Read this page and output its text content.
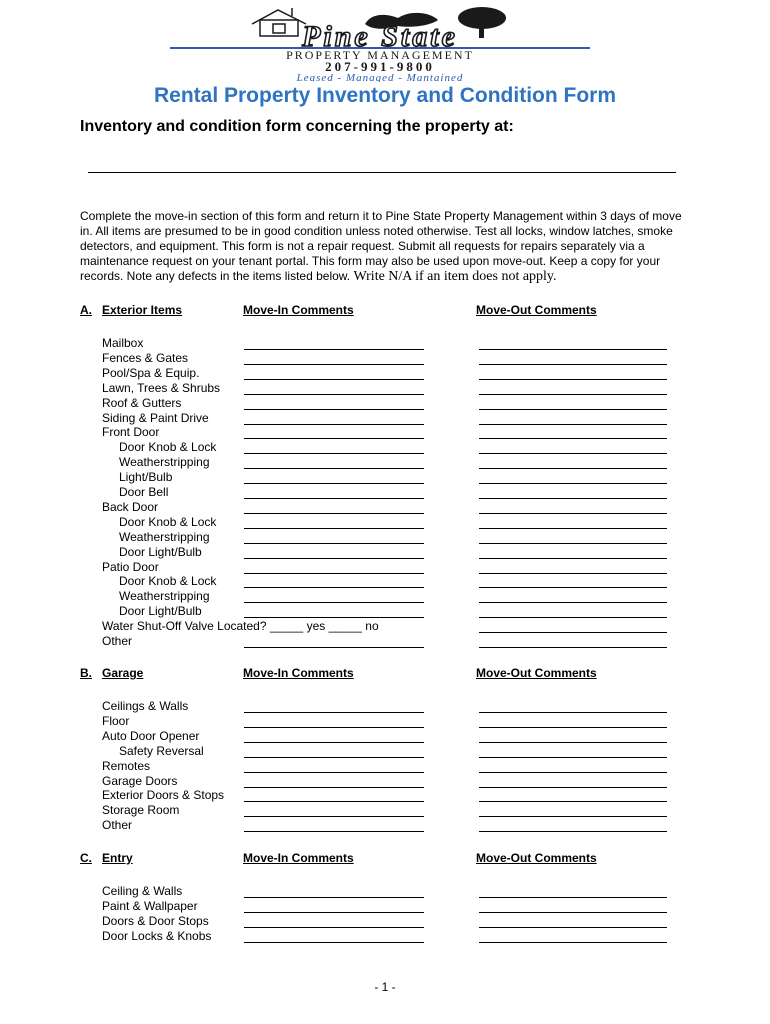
Pine State
PROPERTY MANAGEMENT
207-991-9800
Leased - Managed - Mantained
Rental Property Inventory and Condition Form
Inventory and condition form concerning the property at:
Complete the move-in section of this form and return it to Pine State Property Management within 3 days of move in. All items are presumed to be in good condition unless noted otherwise. Test all locks, window latches, smoke detectors, and equipment. This form is not a repair request. Submit all requests for repairs separately via a maintenance request on your tenant portal. This form may also be used upon move-out. Keep a copy for your records. Note any defects in the items listed below. Write N/A if an item does not apply.
A. Exterior Items	Move-In Comments	Move-Out Comments
Mailbox
Fences & Gates
Pool/Spa & Equip.
Lawn, Trees & Shrubs
Roof & Gutters
Siding & Paint Drive
Front Door
Door Knob & Lock
Weatherstripping
Light/Bulb
Door Bell
Back Door
Door Knob & Lock
Weatherstripping
Door Light/Bulb
Patio Door
Door Knob & Lock
Weatherstripping
Door Light/Bulb
Water Shut-Off Valve Located? _____ yes _____ no
Other
B. Garage	Move-In Comments	Move-Out Comments
Ceilings & Walls
Floor
Auto Door Opener
Safety Reversal
Remotes
Garage Doors
Exterior Doors & Stops
Storage Room
Other
C. Entry	Move-In Comments	Move-Out Comments
Ceiling & Walls
Paint & Wallpaper
Doors & Door Stops
Door Locks & Knobs
- 1 -
